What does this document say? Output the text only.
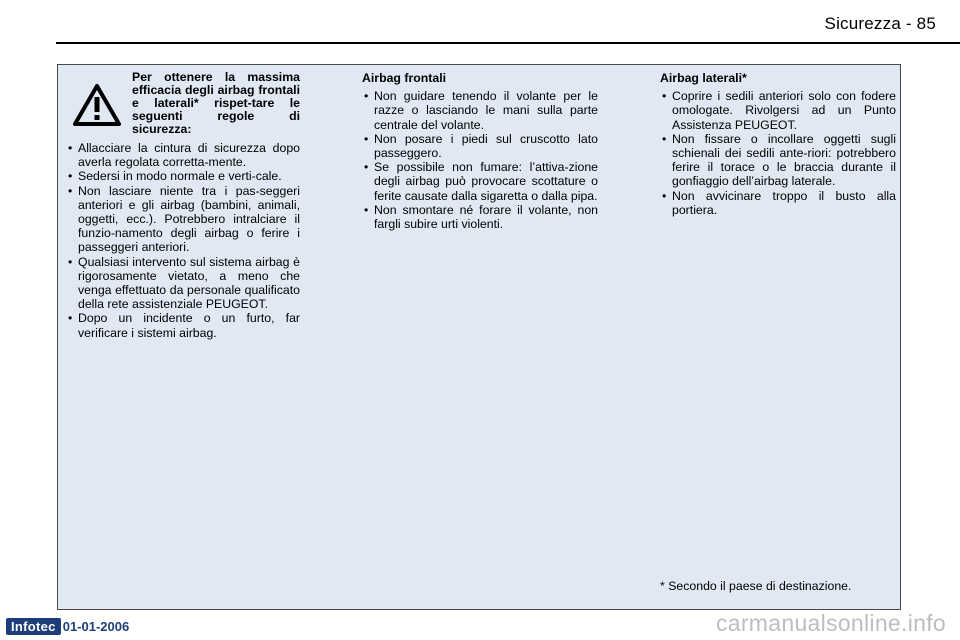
Sicurezza - 85
Per ottenere la massima efficacia degli airbag frontali e laterali* rispet-tare le seguenti regole di sicurezza:
• Allacciare la cintura di sicurezza dopo averla regolata corretta-mente.
• Sedersi in modo normale e verti-cale.
• Non lasciare niente tra i pas-seggeri anteriori e gli airbag (bambini, animali, oggetti, ecc.). Potrebbero intralciare il funzio-namento degli airbag o ferire i passeggeri anteriori.
• Qualsiasi intervento sul sistema airbag è rigorosamente vietato, a meno che venga effettuato da personale qualificato della rete assistenziale PEUGEOT.
• Dopo un incidente o un furto, far verificare i sistemi airbag.
Airbag frontali
• Non guidare tenendo il volante per le razze o lasciando le mani sulla parte centrale del volante.
• Non posare i piedi sul cruscotto lato passeggero.
• Se possibile non fumare: l’attiva-zione degli airbag può provocare scottature o ferite causate dalla sigaretta o dalla pipa.
• Non smontare né forare il volante, non fargli subire urti violenti.
Airbag laterali*
• Coprire i sedili anteriori solo con fodere omologate. Rivolgersi ad un Punto Assistenza PEUGEOT.
• Non fissare o incollare oggetti sugli schienali dei sedili ante-riori: potrebbero ferire il torace o le braccia durante il gonfiaggio dell’airbag laterale.
• Non avvicinare troppo il busto alla portiera.
* Secondo il paese di destinazione.
Infotec 01-01-2006	carmanualsonline.info
